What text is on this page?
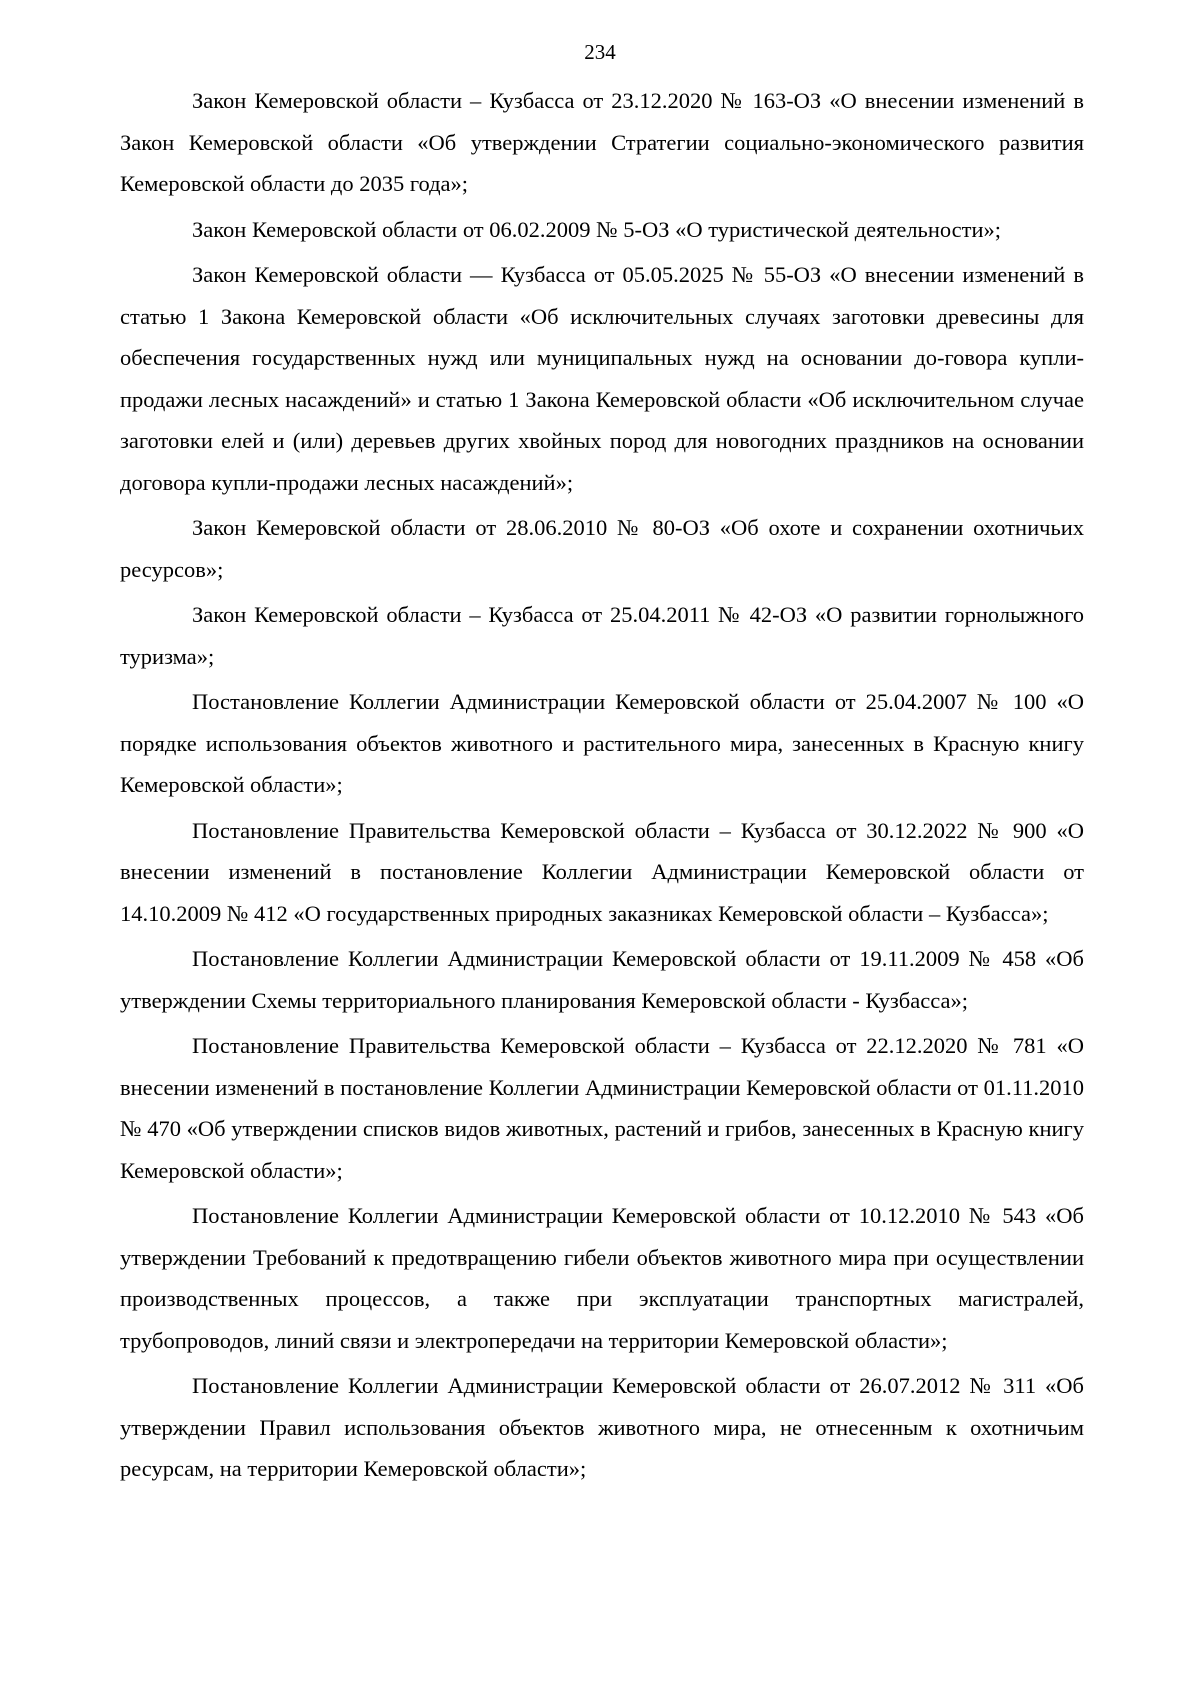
234

Закон Кемеровской области – Кузбасса от 23.12.2020 № 163-ОЗ «О внесении изменений в Закон Кемеровской области «Об утверждении Стратегии социально-экономического развития Кемеровской области до 2035 года»;

Закон Кемеровской области от 06.02.2009 № 5-ОЗ «О туристической деятельности»;

Закон Кемеровской области — Кузбасса от 05.05.2025 № 55-ОЗ «О внесении изменений в статью 1 Закона Кемеровской области «Об исключительных случаях заготовки древесины для обеспечения государственных нужд или муниципальных нужд на основании до-говора купли-продажи лесных насаждений» и статью 1 Закона Кемеровской области «Об исключительном случае заготовки елей и (или) деревьев других хвойных пород для новогодних праздников на основании договора купли-продажи лесных насаждений»;

Закон Кемеровской области от 28.06.2010 № 80-ОЗ «Об охоте и сохранении охотничьих ресурсов»;

Закон Кемеровской области – Кузбасса от 25.04.2011 № 42-ОЗ «О развитии горнолыжного туризма»;

Постановление Коллегии Администрации Кемеровской области от 25.04.2007 № 100 «О порядке использования объектов животного и растительного мира, занесенных в Красную книгу Кемеровской области»;

Постановление Правительства Кемеровской области – Кузбасса от 30.12.2022 № 900 «О внесении изменений в постановление Коллегии Администрации Кемеровской области от 14.10.2009 № 412 «О государственных природных заказниках Кемеровской области – Кузбасса»;

Постановление Коллегии Администрации Кемеровской области от 19.11.2009 № 458 «Об утверждении Схемы территориального планирования Кемеровской области - Кузбасса»;

Постановление Правительства Кемеровской области – Кузбасса от 22.12.2020 № 781 «О внесении изменений в постановление Коллегии Администрации Кемеровской области от 01.11.2010 № 470 «Об утверждении списков видов животных, растений и грибов, занесенных в Красную книгу Кемеровской области»;

Постановление Коллегии Администрации Кемеровской области от 10.12.2010 № 543 «Об утверждении Требований к предотвращению гибели объектов животного мира при осуществлении производственных процессов, а также при эксплуатации транспортных магистралей, трубопроводов, линий связи и электропередачи на территории Кемеровской области»;

Постановление Коллегии Администрации Кемеровской области от 26.07.2012 № 311 «Об утверждении Правил использования объектов животного мира, не отнесенным к охотничьим ресурсам, на территории Кемеровской области»;
